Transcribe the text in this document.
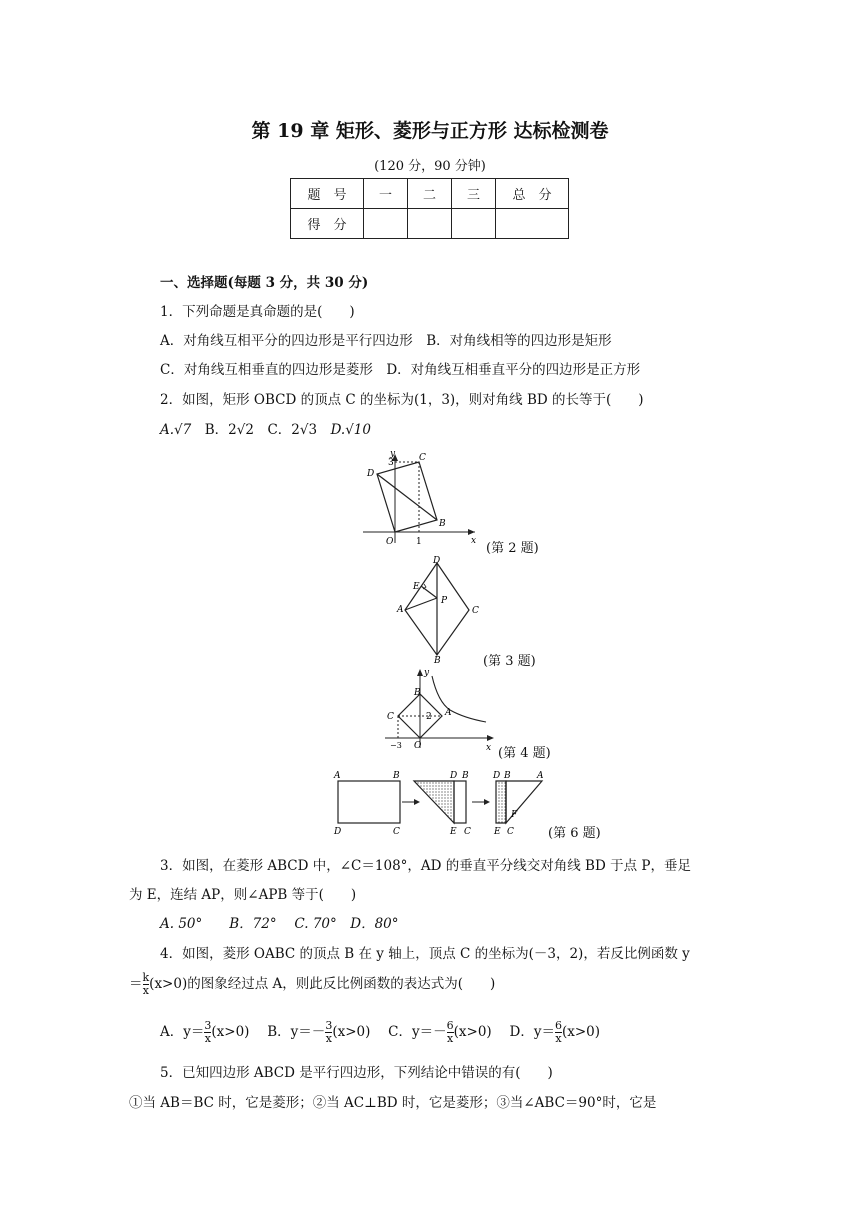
第 19 章 矩形、菱形与正方形 达标检测卷
(120 分，90 分钟)
题　号	一	二	三	总　分
得　分				
一、选择题(每题 3 分，共 30 分)
1．下列命题是真命题的是(　　)
A．对角线互相平分的四边形是平行四边形　 B．对角线相等的四边形是矩形
C．对角线互相垂直的四边形是菱形　 D．对角线互相垂直平分的四边形是正方形
2．如图，矩形 OBCD 的顶点 C 的坐标为(1，3)，则对角线 BD 的长等于(　　)
A.√7　 B．2√2　 C．2√3　 D.√10
y
x
3
1
D
C
B
O	(第 2 题)
D
E
A
P
C
B	(第 3 题)
y
x
B
C	A
O
2
−3
(第 4 题)
A	B
D	C
D B
E C
D B	A
E C
F
(第 6 题)
3．如图，在菱形 ABCD 中，∠C＝108°，AD 的垂直平分线交对角线 BD 于点 P，垂足
为 E，连结 AP，则∠APB 等于(　　)
A. 50°　　B．72°　 C. 70°　D．80°
4．如图，菱形 OABC 的顶点 B 在 y 轴上，顶点 C 的坐标为(－3，2)，若反比例函数 y
＝ $\frac{k}{x} (x>0)$的图象经过点 A，则此反比例函数的表达式为(　　)
A．$y= \frac{3}{x} (x>0)$　 B．$y=- \frac{3}{x} (x>0)$　 C．$y=- \frac{6}{x} (x>0)$　 D．$y= \frac{6}{x} (x>0)$
5．已知四边形 ABCD 是平行四边形，下列结论中错误的有(　　)
①当 AB＝BC 时，它是菱形；②当 AC⊥BD 时，它是菱形；③当∠ABC＝90°时，它是
